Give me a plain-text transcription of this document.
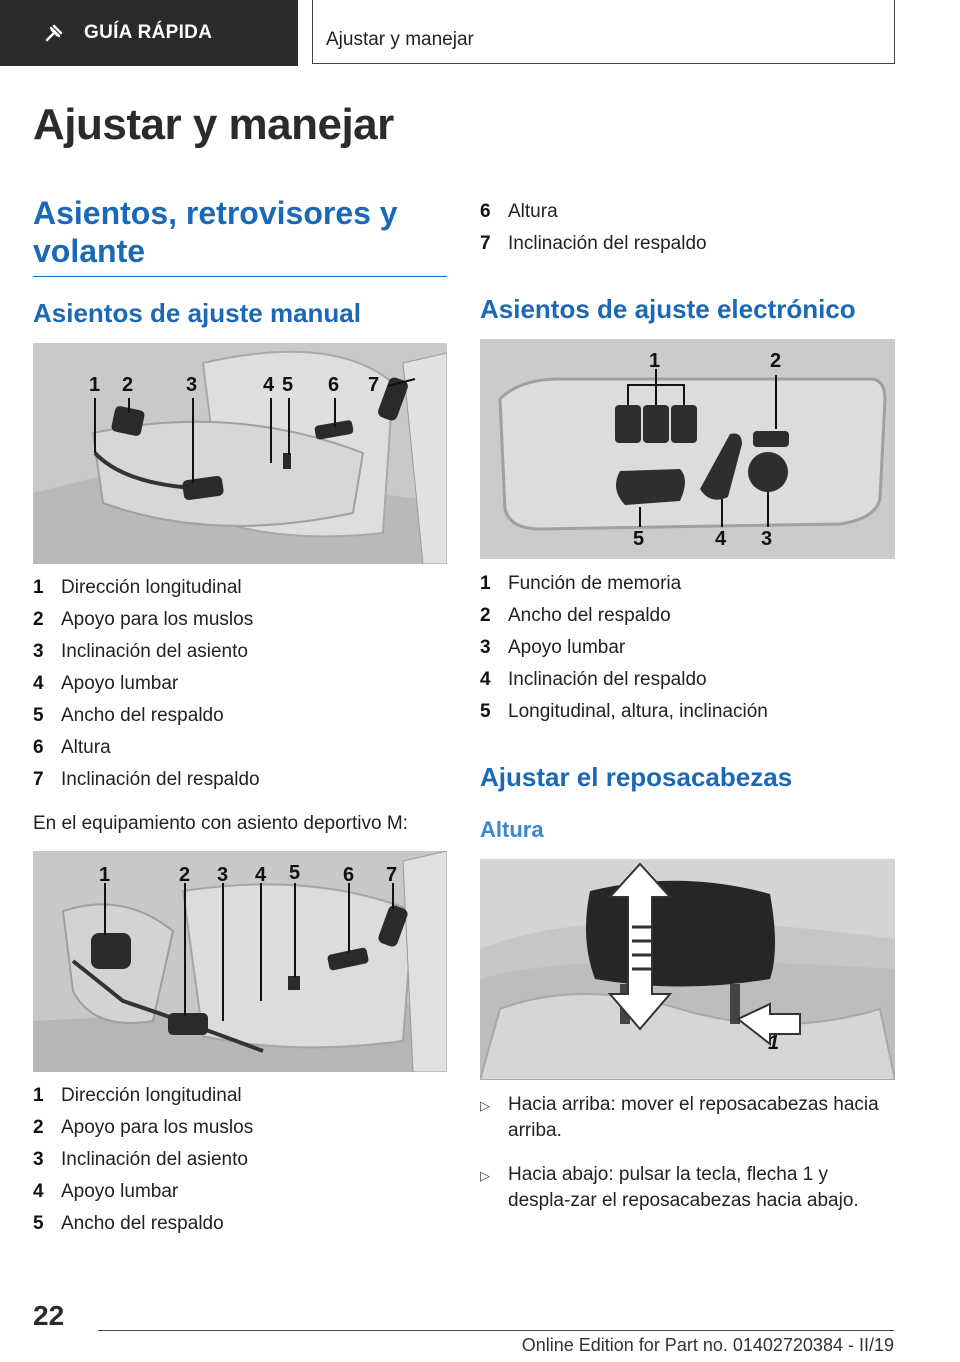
GUÍA RÁPIDA	Ajustar y manejar
Ajustar y manejar
Asientos, retrovisores y volante
Asientos de ajuste manual
1 2	3	4 5 6 7
1 Dirección longitudinal
2 Apoyo para los muslos
3 Inclinación del asiento
4 Apoyo lumbar
5 Ancho del respaldo
6 Altura
7 Inclinación del respaldo
En el equipamiento con asiento deportivo M:
1	2 3 4 5 6 7
1 Dirección longitudinal
2 Apoyo para los muslos
3 Inclinación del asiento
4 Apoyo lumbar
5 Ancho del respaldo
6 Altura
7 Inclinación del respaldo
Asientos de ajuste electrónico
1	2
5	4 3
1 Función de memoria
2 Ancho del respaldo
3 Apoyo lumbar
4 Inclinación del respaldo
5 Longitudinal, altura, inclinación
Ajustar el reposacabezas
Altura
1
▷ Hacia arriba: mover el reposacabezas hacia arriba.
▷ Hacia abajo: pulsar la tecla, flecha 1 y despla‐zar el reposacabezas hacia abajo.
22
Online Edition for Part no. 01402720384 - II/19
